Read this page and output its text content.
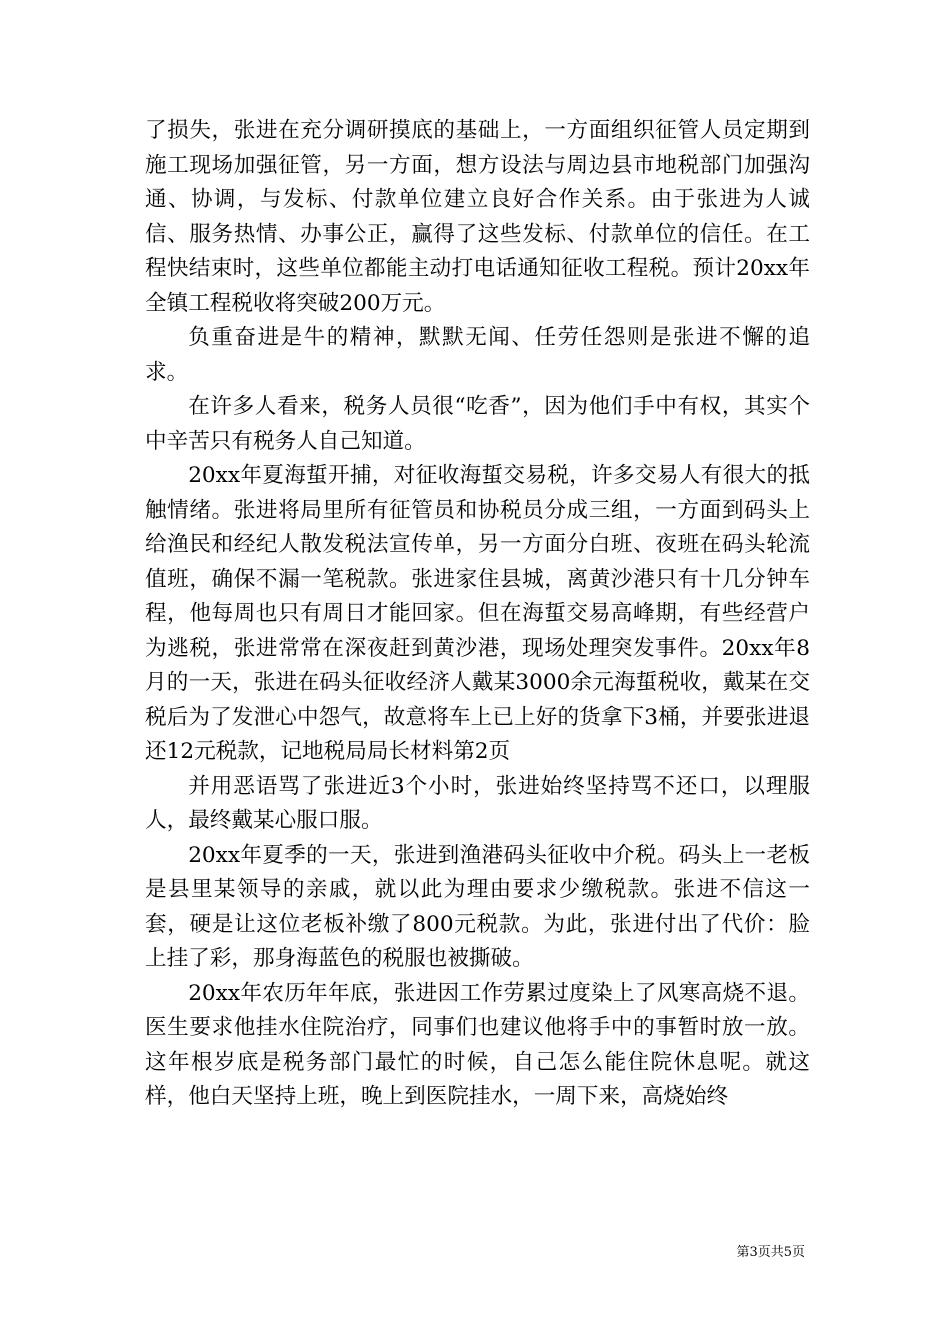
了损失，张进在充分调研摸底的基础上，一方面组织征管人员定期到施工现场加强征管，另一方面，想方设法与周边县市地税部门加强沟通、协调，与发标、付款单位建立良好合作关系。由于张进为人诚信、服务热情、办事公正，赢得了这些发标、付款单位的信任。在工程快结束时，这些单位都能主动打电话通知征收工程税。预计20xx年全镇工程税收将突破200万元。

负重奋进是牛的精神，默默无闻、任劳任怨则是张进不懈的追求。

在许多人看来，税务人员很“吃香”，因为他们手中有权，其实个中辛苦只有税务人自己知道。

20xx年夏海蜇开捕，对征收海蜇交易税，许多交易人有很大的抵触情绪。张进将局里所有征管员和协税员分成三组，一方面到码头上给渔民和经纪人散发税法宣传单，另一方面分白班、夜班在码头轮流值班，确保不漏一笔税款。张进家住县城，离黄沙港只有十几分钟车程，他每周也只有周日才能回家。但在海蜇交易高峰期，有些经营户为逃税，张进常常在深夜赶到黄沙港，现场处理突发事件。20xx年8月的一天，张进在码头征收经济人戴某3000余元海蜇税收，戴某在交税后为了发泄心中怨气，故意将车上已上好的货拿下3桶，并要张进退还12元税款，记地税局局长材料第2页

并用恶语骂了张进近3个小时，张进始终坚持骂不还口，以理服人，最终戴某心服口服。

20xx年夏季的一天，张进到渔港码头征收中介税。码头上一老板是县里某领导的亲戚，就以此为理由要求少缴税款。张进不信这一套，硬是让这位老板补缴了800元税款。为此，张进付出了代价：脸上挂了彩，那身海蓝色的税服也被撕破。

20xx年农历年年底，张进因工作劳累过度染上了风寒高烧不退。医生要求他挂水住院治疗，同事们也建议他将手中的事暂时放一放。这年根岁底是税务部门最忙的时候，自己怎么能住院休息呢。就这样，他白天坚持上班，晚上到医院挂水，一周下来，高烧始终

第3页共5页
